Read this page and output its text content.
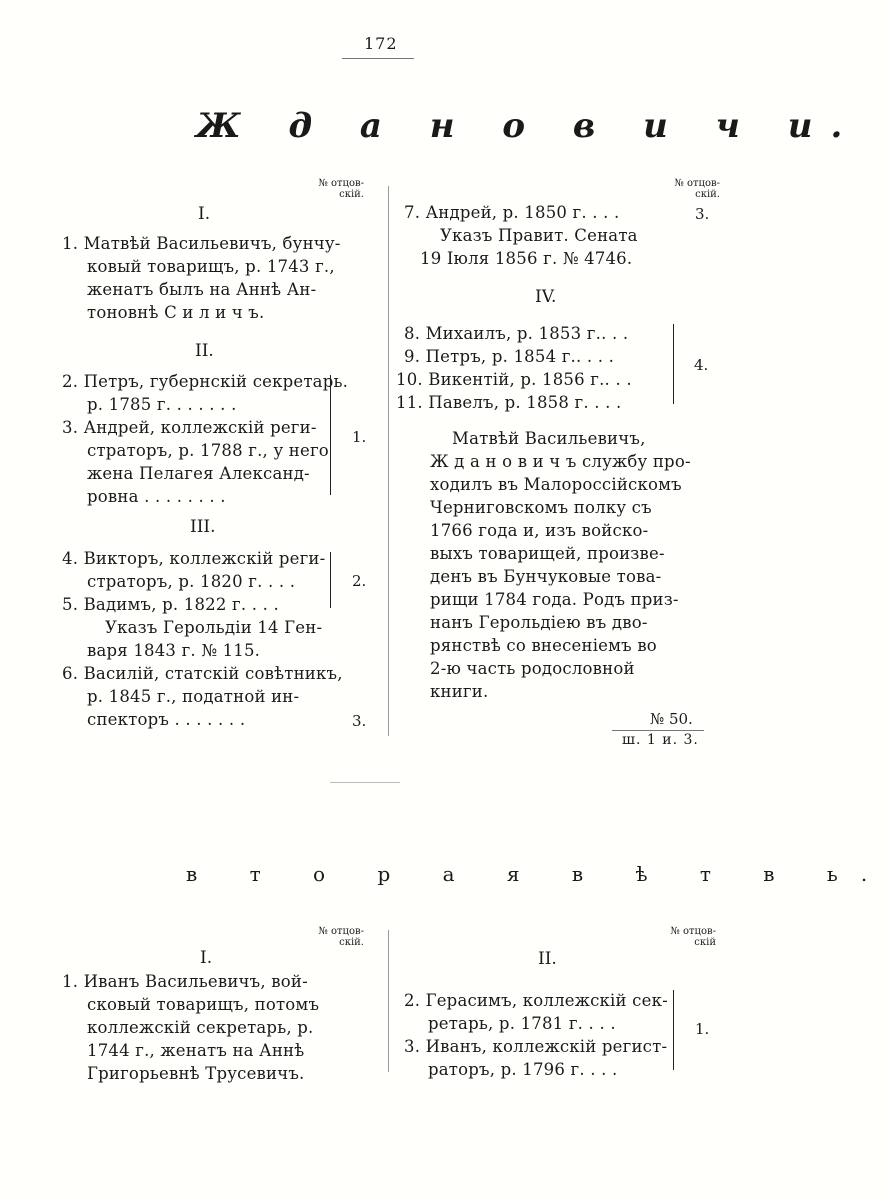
172
Ж д а н о в и ч и.
№ отцов-
скій.
I.
1. Матвѣй Васильевичъ, бунчу-
ковый товарищъ, р. 1743 г.,
женатъ былъ на Аннѣ Ан-
тоновнѣ С и л и ч ъ.
II.
2. Петръ, губернскій секретарь.
р. 1785 г. . . . . . .
3. Андрей, коллежскій реги-
страторъ, р. 1788 г., у него
жена Пелагея Александ-
ровна . . . . . . . .
1.
III.
4. Викторъ, коллежскій реги-
страторъ, р. 1820 г. . . .
5. Вадимъ, р. 1822 г. . . .
Указъ Герольдіи 14 Ген-
варя 1843 г. № 115.
6. Василій, статскій совѣтникъ,
р. 1845 г., податной ин-
спекторъ . . . . . . .
2.
3.
№ отцов-
скій.
7. Андрей, р. 1850 г. . . .	3.
Указъ Правит. Сената
19 Іюля 1856 г. № 4746.
IV.
8. Михаилъ, р. 1853 г.. . .
9. Петръ, р. 1854 г.. . . .
10. Викентій, р. 1856 г.. . .
11. Павелъ, р. 1858 г. . . .
4.
Матвѣй Васильевичъ,
Ж д а н о в и ч ъ службу про-
ходилъ въ Малороссійскомъ
Черниговскомъ полку съ
1766 года и, изъ войско-
выхъ товарищей, произве-
денъ въ Бунчуковые това-
рищи 1784 года. Родъ приз-
нанъ Герольдіею въ дво-
рянствѣ со внесеніемъ во
2-ю часть родословной
книги.
№ 50.
ш. 1 и. 3.
в т о р а я в ѣ т в ь.
№ отцов-
скій.
I.
1. Иванъ Васильевичъ, вой-
сковый товарищъ, потомъ
коллежскій секретарь, р.
1744 г., женатъ на Аннѣ
Григорьевнѣ Трусевичъ.
№ отцов-
скій
II.
2. Герасимъ, коллежскій сек-
ретарь, р. 1781 г. . . .
3. Иванъ, коллежскій регист-
раторъ, р. 1796 г. . . .
1.
